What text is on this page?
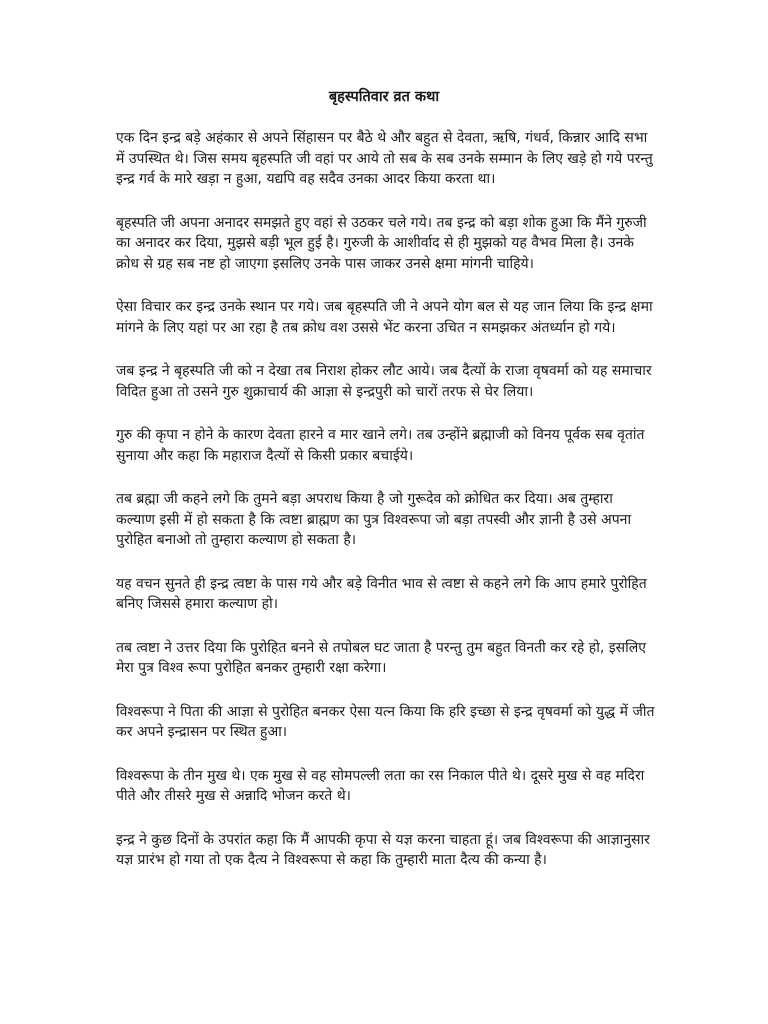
बृहस्पतिवार व्रत कथा

एक दिन इन्द्र बड़े अहंकार से अपने सिंहासन पर बैठे थे और बहुत से देवता, ऋषि, गंधर्व, किन्नार आदि सभा में उपस्थित थे। जिस समय बृहस्पति जी वहां पर आये तो सब के सब उनके सम्मान के लिए खड़े हो गये परन्तु इन्द्र गर्व के मारे खड़ा न हुआ, यद्यपि वह सदैव उनका आदर किया करता था।

बृहस्पति जी अपना अनादर समझते हुए वहां से उठकर चले गये। तब इन्द्र को बड़ा शोक हुआ कि मैंने गुरुजी का अनादर कर दिया, मुझसे बड़ी भूल हुई है। गुरुजी के आशीर्वाद से ही मुझको यह वैभव मिला है। उनके क्रोध से ग्रह सब नष्ट हो जाएगा इसलिए उनके पास जाकर उनसे क्षमा मांगनी चाहिये।

ऐसा विचार कर इन्द्र उनके स्थान पर गये। जब बृहस्पति जी ने अपने योग बल से यह जान लिया कि इन्द्र क्षमा मांगने के लिए यहां पर आ रहा है तब क्रोध वश उससे भेंट करना उचित न समझकर अंतर्ध्यान हो गये।

जब इन्द्र ने बृहस्पति जी को न देखा तब निराश होकर लौट आये। जब दैत्यों के राजा वृषवर्मा को यह समाचार विदित हुआ तो उसने गुरु शुक्राचार्य की आज्ञा से इन्द्रपुरी को चारों तरफ से घेर लिया।

गुरु की कृपा न होने के कारण देवता हारने व मार खाने लगे। तब उन्होंने ब्रह्माजी को विनय पूर्वक सब वृतांत सुनाया और कहा कि महाराज दैत्यों से किसी प्रकार बचाईये।

तब ब्रह्मा जी कहने लगे कि तुमने बड़ा अपराध किया है जो गुरूदेव को क्रोधित कर दिया। अब तुम्हारा कल्याण इसी में हो सकता है कि त्वष्टा ब्राह्मण का पुत्र विश्वरूपा जो बड़ा तपस्वी और ज्ञानी है उसे अपना पुरोहित बनाओ तो तुम्हारा कल्याण हो सकता है।

यह वचन सुनते ही इन्द्र त्वष्टा के पास गये और बड़े विनीत भाव से त्वष्टा से कहने लगे कि आप हमारे पुरोहित बनिए जिससे हमारा कल्याण हो।

तब त्वष्टा ने उत्तर दिया कि पुरोहित बनने से तपोबल घट जाता है परन्तु तुम बहुत विनती कर रहे हो, इसलिए मेरा पुत्र विश्व रूपा पुरोहित बनकर तुम्हारी रक्षा करेगा।

विश्वरूपा ने पिता की आज्ञा से पुरोहित बनकर ऐसा यत्न किया कि हरि इच्छा से इन्द्र वृषवर्मा को युद्ध में जीत कर अपने इन्द्रासन पर स्थित हुआ।

विश्वरूपा के तीन मुख थे। एक मुख से वह सोमपल्ली लता का रस निकाल पीते थे। दूसरे मुख से वह मदिरा पीते और तीसरे मुख से अन्नादि भोजन करते थे।

इन्द्र ने कुछ दिनों के उपरांत कहा कि मैं आपकी कृपा से यज्ञ करना चाहता हूं। जब विश्वरूपा की आज्ञानुसार यज्ञ प्रारंभ हो गया तो एक दैत्य ने विश्वरूपा से कहा कि तुम्हारी माता दैत्य की कन्या है।
